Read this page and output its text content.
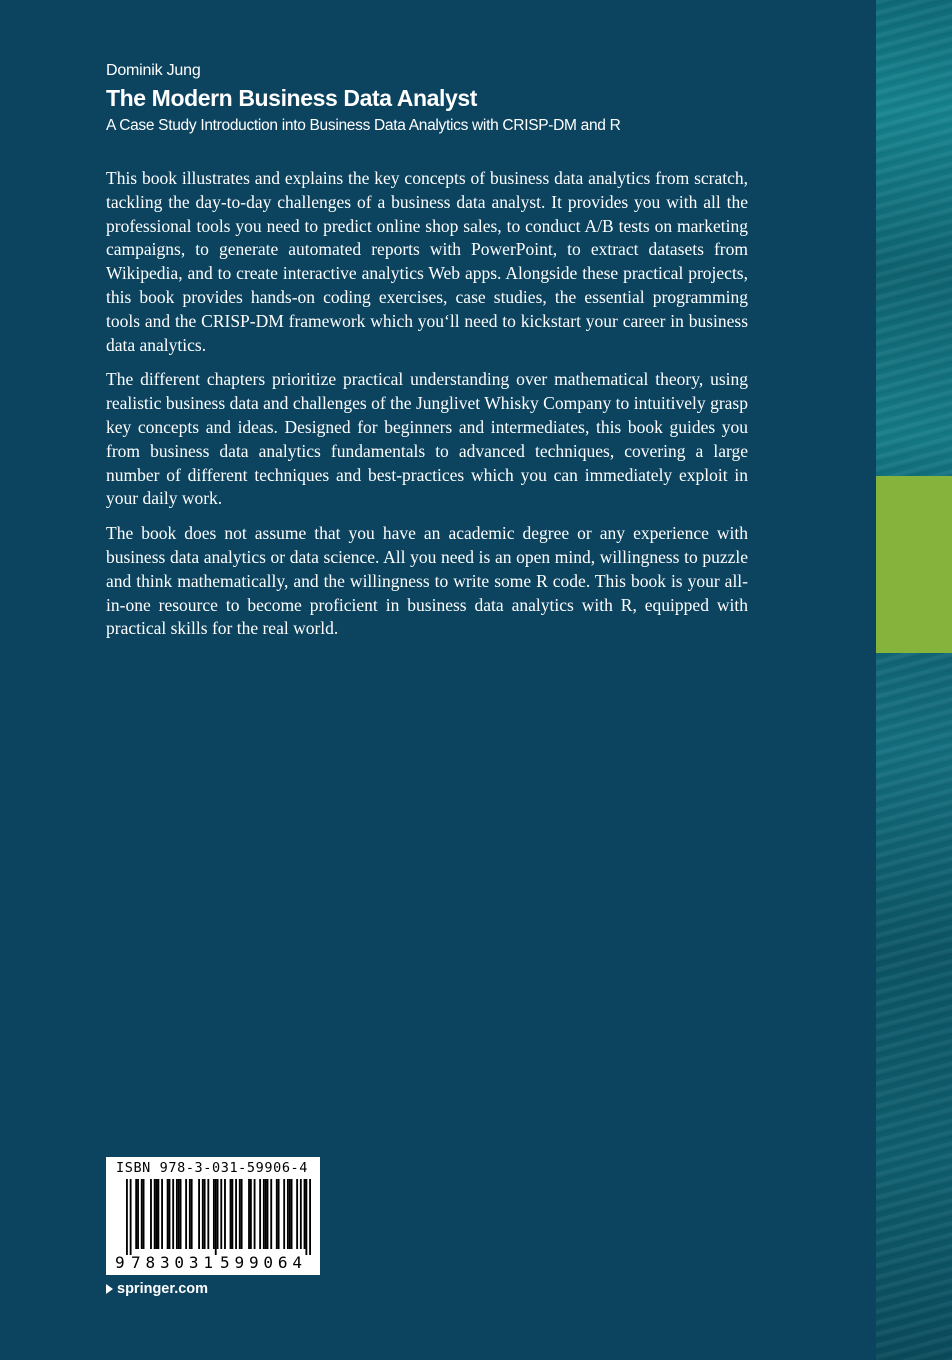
Dominik Jung
The Modern Business Data Analyst
A Case Study Introduction into Business Data Analytics with CRISP-DM and R

This book illustrates and explains the key concepts of business data analytics from scratch, tackling the day-to-day challenges of a business data analyst. It provides you with all the professional tools you need to predict online shop sales, to conduct A/B tests on marketing campaigns, to generate automated reports with PowerPoint, to extract datasets from Wikipedia, and to create interactive analytics Web apps. Alongside these practical projects, this book provides hands-on coding exercises, case studies, the essential programming tools and the CRISP-DM framework which you‘ll need to kickstart your career in business data analytics.

The different chapters prioritize practical understanding over mathematical theory, using realistic business data and challenges of the Junglivet Whisky Company to intuitively grasp key concepts and ideas. Designed for beginners and intermediates, this book guides you from business data analytics fundamentals to advanced techniques, covering a large number of different techniques and best-practices which you can immediately exploit in your daily work.

The book does not assume that you have an academic degree or any experience with business data analytics or data science. All you need is an open mind, willingness to puzzle and think mathematically, and the willingness to write some R code. This book is your all-in-one resource to become proficient in business data analytics with R, equipped with practical skills for the real world.

9 783031 599064
ISBN 978-3-031-59906-4
springer.com
